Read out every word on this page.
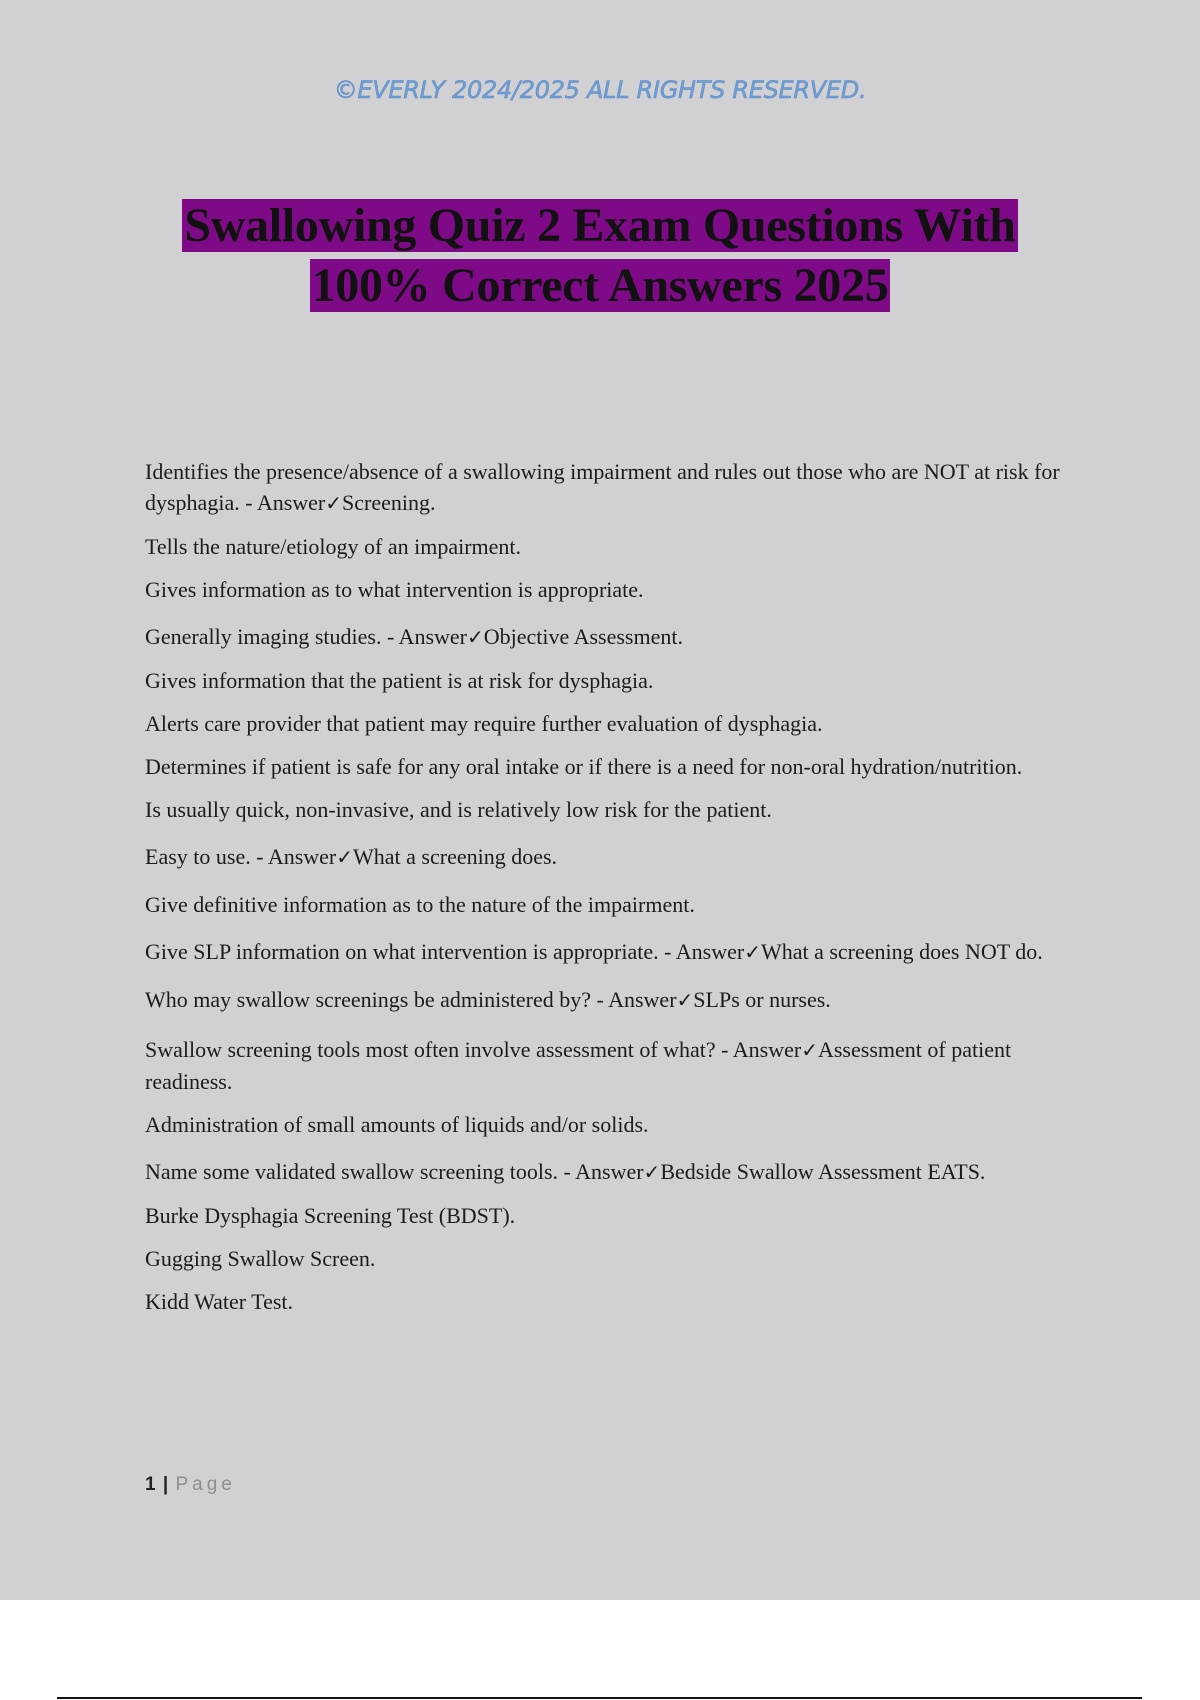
©EVERLY 2024/2025 ALL RIGHTS RESERVED.
Swallowing Quiz 2 Exam Questions With
100% Correct Answers 2025

Identifies the presence/absence of a swallowing impairment and rules out those who are NOT at risk for dysphagia. - Answer✓Screening.

Tells the nature/etiology of an impairment.

Gives information as to what intervention is appropriate.

Generally imaging studies. - Answer✓Objective Assessment.

Gives information that the patient is at risk for dysphagia.

Alerts care provider that patient may require further evaluation of dysphagia.

Determines if patient is safe for any oral intake or if there is a need for non-oral hydration/nutrition.

Is usually quick, non-invasive, and is relatively low risk for the patient.

Easy to use. - Answer✓What a screening does.

Give definitive information as to the nature of the impairment.

Give SLP information on what intervention is appropriate. - Answer✓What a screening does NOT do.

Who may swallow screenings be administered by? - Answer✓SLPs or nurses.

Swallow screening tools most often involve assessment of what? - Answer✓Assessment of patient readiness.

Administration of small amounts of liquids and/or solids.

Name some validated swallow screening tools. - Answer✓Bedside Swallow Assessment EATS.

Burke Dysphagia Screening Test (BDST).

Gugging Swallow Screen.

Kidd Water Test.

1 | Page
